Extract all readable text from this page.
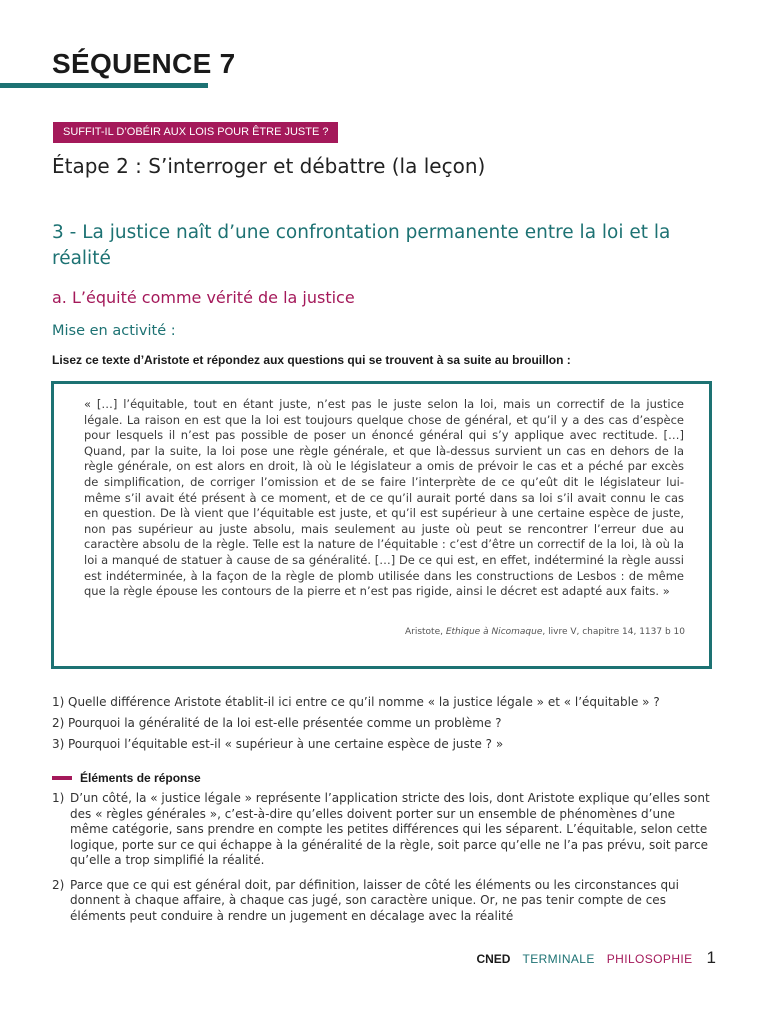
SÉQUENCE 7
SUFFIT-IL D’OBÉIR AUX LOIS POUR ÊTRE JUSTE ?
Étape 2 : S’interroger et débattre (la leçon)
3 - La justice naît d’une confrontation permanente entre la loi et la réalité
a. L’équité comme vérité de la justice

Mise en activité :

Lisez ce texte d’Aristote et répondez aux questions qui se trouvent à sa suite au brouillon :

« […] l’équitable, tout en étant juste, n’est pas le juste selon la loi, mais un correctif de la justice légale. La raison en est que la loi est toujours quelque chose de général, et qu’il y a des cas d’espèce pour lesquels il n’est pas possible de poser un énoncé général qui s’y applique avec rectitude. […] Quand, par la suite, la loi pose une règle générale, et que là-dessus survient un cas en dehors de la règle générale, on est alors en droit, là où le législateur a omis de prévoir le cas et a péché par excès de simplification, de corriger l’omission et de se faire l’interprète de ce qu’eût dit le législateur lui-même s’il avait été présent à ce moment, et de ce qu’il aurait porté dans sa loi s’il avait connu le cas en question. De là vient que l’équitable est juste, et qu’il est supérieur à une certaine espèce de juste, non pas supérieur au juste absolu, mais seulement au juste où peut se rencontrer l’erreur due au caractère absolu de la règle. Telle est la nature de l’équitable : c’est d’être un correctif de la loi, là où la loi a manqué de statuer à cause de sa généralité. […] De ce qui est, en effet, indéterminé la règle aussi est indéterminée, à la façon de la règle de plomb utilisée dans les constructions de Lesbos : de même que la règle épouse les contours de la pierre et n’est pas rigide, ainsi le décret est adapté aux faits. »

Aristote, Ethique à Nicomaque, livre V, chapitre 14, 1137 b 10

1) Quelle différence Aristote établit-il ici entre ce qu’il nomme « la justice légale » et « l’équitable » ?
2) Pourquoi la généralité de la loi est-elle présentée comme un problème ?
3) Pourquoi l’équitable est-il « supérieur à une certaine espèce de juste ? »

Éléments de réponse

1) D’un côté, la « justice légale » représente l’application stricte des lois, dont Aristote explique qu’elles sont des « règles générales », c’est-à-dire qu’elles doivent porter sur un ensemble de phénomènes d’une même catégorie, sans prendre en compte les petites différences qui les séparent. L’équitable, selon cette logique, porte sur ce qui échappe à la généralité de la règle, soit parce qu’elle ne l’a pas prévu, soit parce qu’elle a trop simplifié la réalité.
2) Parce que ce qui est général doit, par définition, laisser de côté les éléments ou les circonstances qui donnent à chaque affaire, à chaque cas jugé, son caractère unique. Or, ne pas tenir compte de ces éléments peut conduire à rendre un jugement en décalage avec la réalité
CNED TERMINALE PHILOSOPHIE 1
